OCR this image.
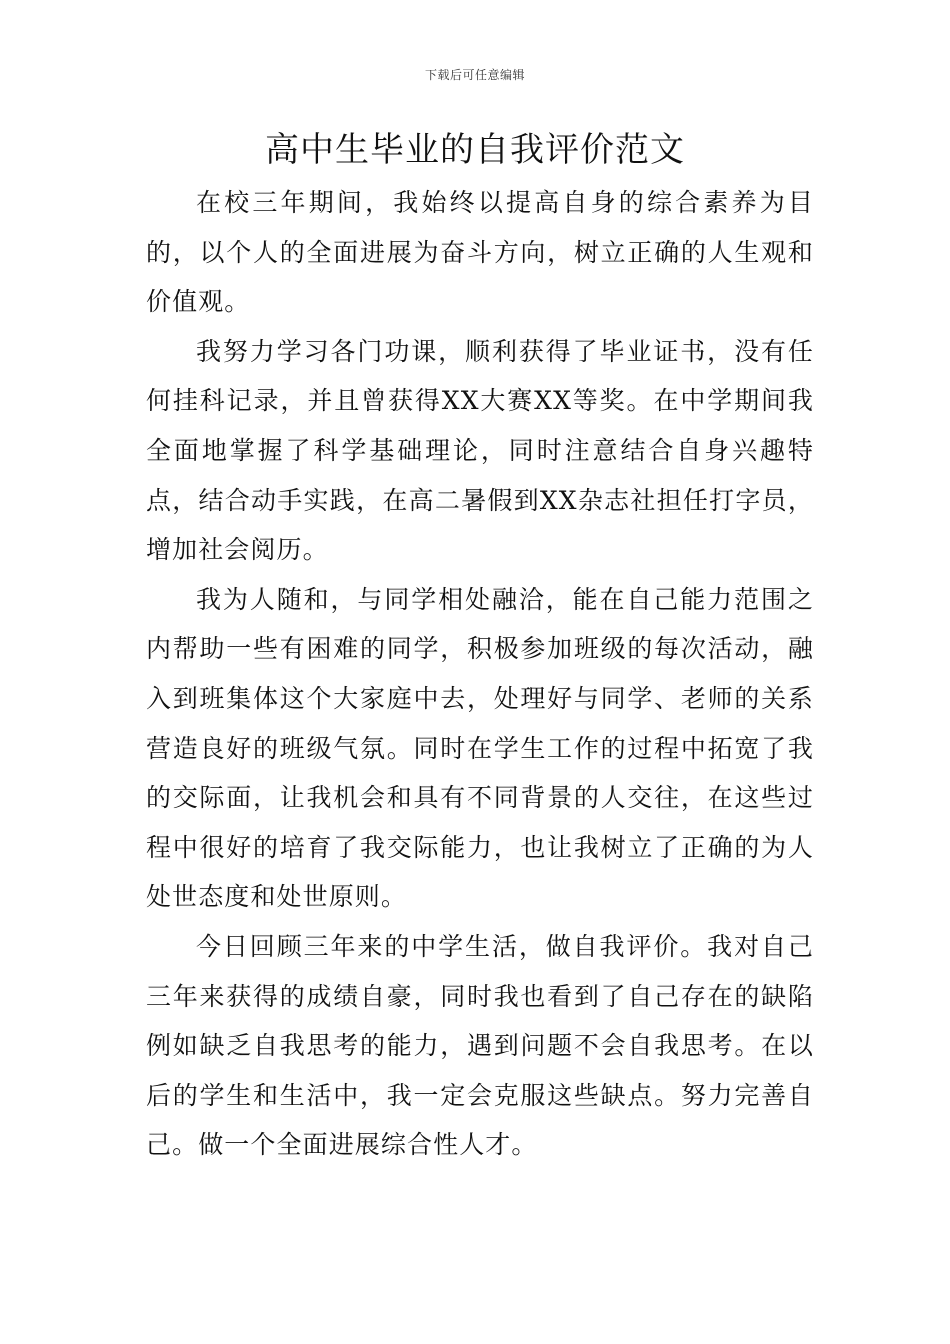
下载后可任意编辑
高中生毕业的自我评价范文

在校三年期间，我始终以提高自身的综合素养为目的，以个人的全面进展为奋斗方向，树立正确的人生观和价值观。

我努力学习各门功课，顺利获得了毕业证书，没有任何挂科记录，并且曾获得XX大赛XX等奖。在中学期间我全面地掌握了科学基础理论，同时注意结合自身兴趣特点，结合动手实践，在高二暑假到XX杂志社担任打字员，增加社会阅历。

我为人随和，与同学相处融洽，能在自己能力范围之内帮助一些有困难的同学，积极参加班级的每次活动，融入到班集体这个大家庭中去，处理好与同学、老师的关系营造良好的班级气氛。同时在学生工作的过程中拓宽了我的交际面，让我机会和具有不同背景的人交往，在这些过程中很好的培育了我交际能力，也让我树立了正确的为人处世态度和处世原则。

今日回顾三年来的中学生活，做自我评价。我对自己三年来获得的成绩自豪，同时我也看到了自己存在的缺陷例如缺乏自我思考的能力，遇到问题不会自我思考。在以后的学生和生活中，我一定会克服这些缺点。努力完善自己。做一个全面进展综合性人才。
